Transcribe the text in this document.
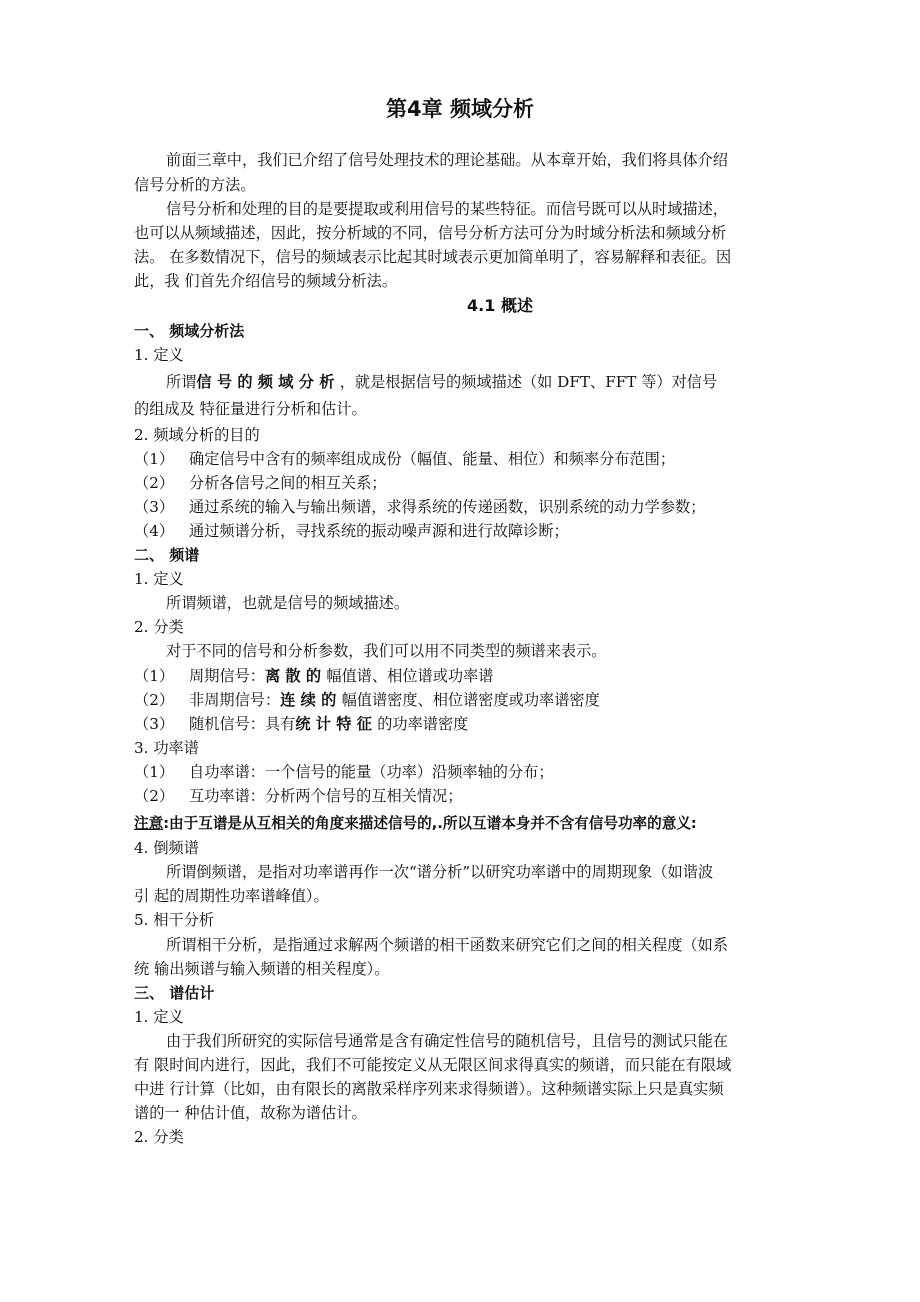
第4章 频域分析
前面三章中，我们已介绍了信号处理技术的理论基础。从本章开始，我们将具体介绍
信号分析的方法。
信号分析和处理的目的是要提取或利用信号的某些特征。而信号既可以从时域描述，
也可以从频域描述，因此，按分析域的不同，信号分析方法可分为时域分析法和频域分析
法。 在多数情况下，信号的频域表示比起其时域表示更加简单明了，容易解释和表征。因
此，我 们首先介绍信号的频域分析法。
4.1 概述
一、 频域分析法
1. 定义
所谓信 号 的 频 域 分 析 ，就是根据信号的频域描述（如 DFT、FFT 等）对信号
的组成及 特征量进行分析和估计。
2. 频域分析的目的
（1） 确定信号中含有的频率组成成份（幅值、能量、相位）和频率分布范围；
（2） 分析各信号之间的相互关系；
（3） 通过系统的输入与输出频谱，求得系统的传递函数，识别系统的动力学参数；
（4） 通过频谱分析，寻找系统的振动噪声源和进行故障诊断；
二、 频谱
1. 定义
所谓频谱，也就是信号的频域描述。
2. 分类
对于不同的信号和分析参数，我们可以用不同类型的频谱来表示。
（1） 周期信号：离 散 的 幅值谱、相位谱或功率谱
（2） 非周期信号：连 续 的 幅值谱密度、相位谱密度或功率谱密度
（3） 随机信号：具有统 计 特 征 的功率谱密度
3. 功率谱
（1） 自功率谱：一个信号的能量（功率）沿频率轴的分布；
（2） 互功率谱：分析两个信号的互相关情况；
注意:由于互谱是从互相关的角度来描述信号的,.所以互谱本身并不含有信号功率的意义:
4. 倒频谱
所谓倒频谱，是指对功率谱再作一次“谱分析”以研究功率谱中的周期现象（如谐波
引 起的周期性功率谱峰值）。
5. 相干分析
所谓相干分析，是指通过求解两个频谱的相干函数来研究它们之间的相关程度（如系
统 输出频谱与输入频谱的相关程度）。
三、 谱估计
1. 定义
由于我们所研究的实际信号通常是含有确定性信号的随机信号，且信号的测试只能在
有 限时间内进行，因此，我们不可能按定义从无限区间求得真实的频谱，而只能在有限域
中进 行计算（比如，由有限长的离散采样序列来求得频谱）。这种频谱实际上只是真实频
谱的一 种估计值，故称为谱估计。
2. 分类
